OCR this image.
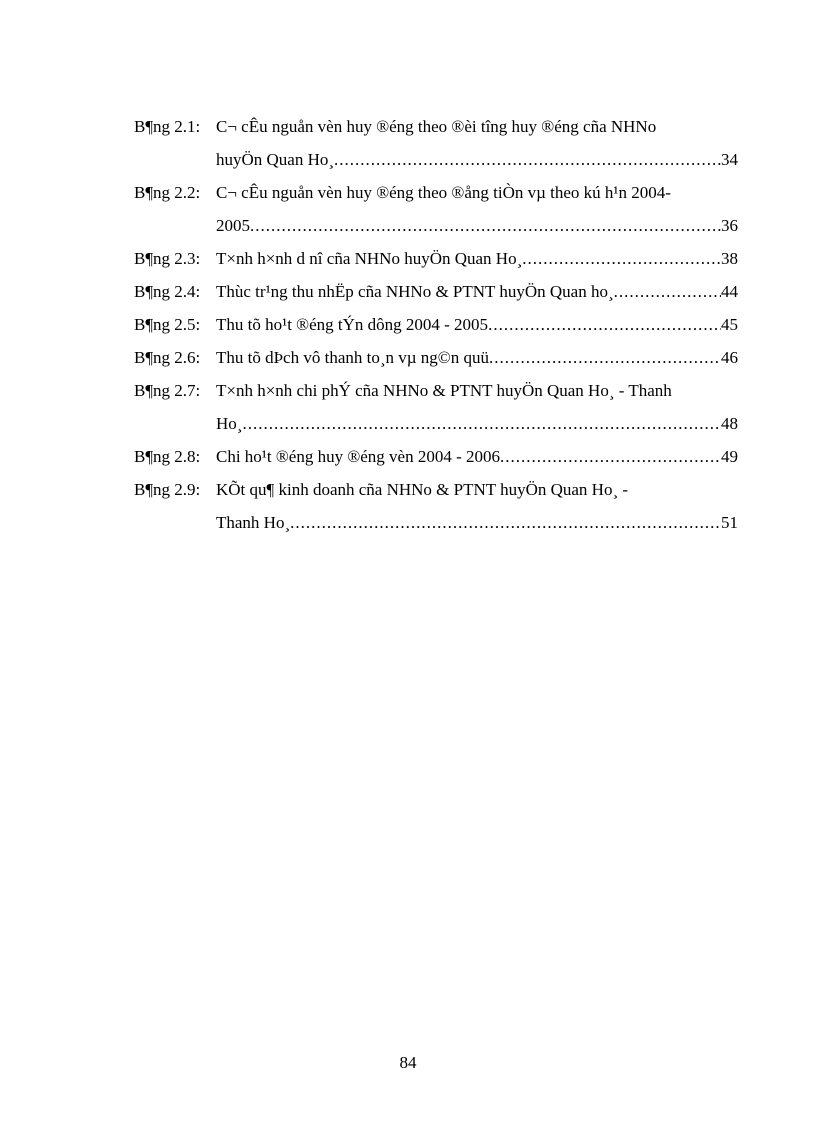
B¶ng 2.1: C¬ cÊu nguån vèn huy ®éng theo ®èi tîng huy ®éng cña NHNo
huyÖn Quan Ho¸ .....	34
B¶ng 2.2: C¬ cÊu nguån vèn huy ®éng theo ®ång tiÒn vµ theo kú h¹n 2004-
2005 .....	36
B¶ng 2.3: T×nh h×nh d nî cña NHNo huyÖn Quan Ho¸ .....	38
B¶ng 2.4: Thùc tr¹ng thu nhËp cña NHNo & PTNT huyÖn Quan ho¸ .....	44
B¶ng 2.5: Thu tõ ho¹t ®éng tÝn dông 2004 - 2005 .....	45
B¶ng 2.6: Thu tõ dÞch vô thanh to¸n vµ ng©n quü .....	46
B¶ng 2.7: T×nh h×nh chi phÝ cña NHNo & PTNT huyÖn Quan Ho¸ - Thanh
Ho¸ .....	48
B¶ng 2.8: Chi ho¹t ®éng huy ®éng vèn 2004 - 2006 .....	49
B¶ng 2.9: KÕt qu¶ kinh doanh cña NHNo & PTNT huyÖn Quan Ho¸ -
Thanh Ho¸ .....	51
84
